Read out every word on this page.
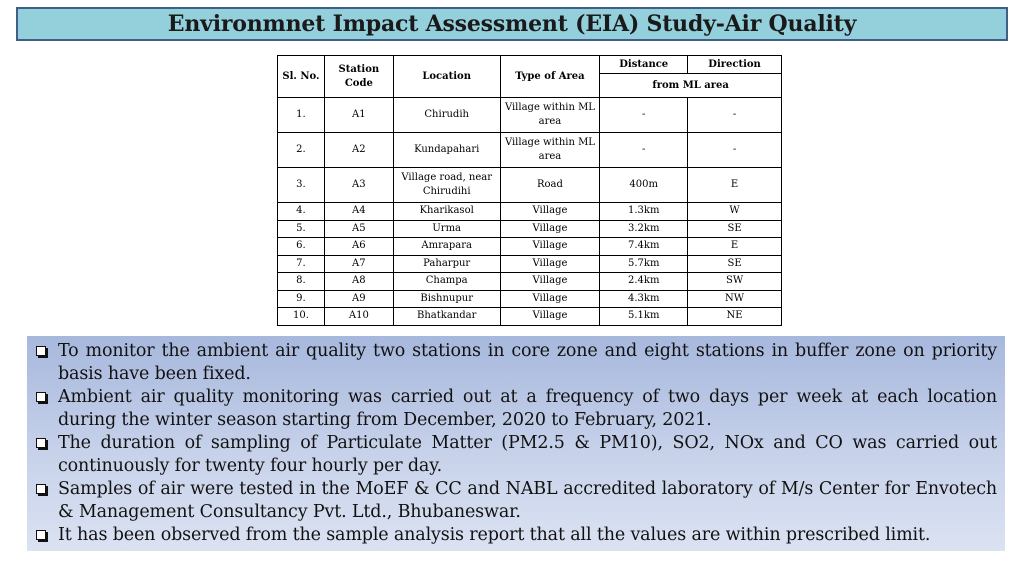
Environmnet Impact Assessment (EIA) Study-Air Quality
Sl. No.	Station Code	Location	Type of Area	Distance	Direction
				from ML area	
1.	A1	Chirudih	Village within ML area	-	-
2.	A2	Kundapahari	Village within ML area	-	-
3.	A3	Village road, near Chirudihi	Road	400m	E
4.	A4	Kharikasol	Village	1.3km	W
5.	A5	Urma	Village	3.2km	SE
6.	A6	Amrapara	Village	7.4km	E
7.	A7	Paharpur	Village	5.7km	SE
8.	A8	Champa	Village	2.4km	SW
9.	A9	Bishnupur	Village	4.3km	NW
10.	A10	Bhatkandar	Village	5.1km	NE
To monitor the ambient air quality two stations in core zone and eight stations in buffer zone on priority basis have been fixed.
Ambient air quality monitoring was carried out at a frequency of two days per week at each location during the winter season starting from December, 2020 to February, 2021.
The duration of sampling of Particulate Matter (PM2.5 & PM10), SO2, NOx and CO was carried out continuously for twenty four hourly per day.
Samples of air were tested in the MoEF & CC and NABL accredited laboratory of M/s Center for Envotech & Management Consultancy Pvt. Ltd., Bhubaneswar.
It has been observed from the sample analysis report that all the values are within prescribed limit.
